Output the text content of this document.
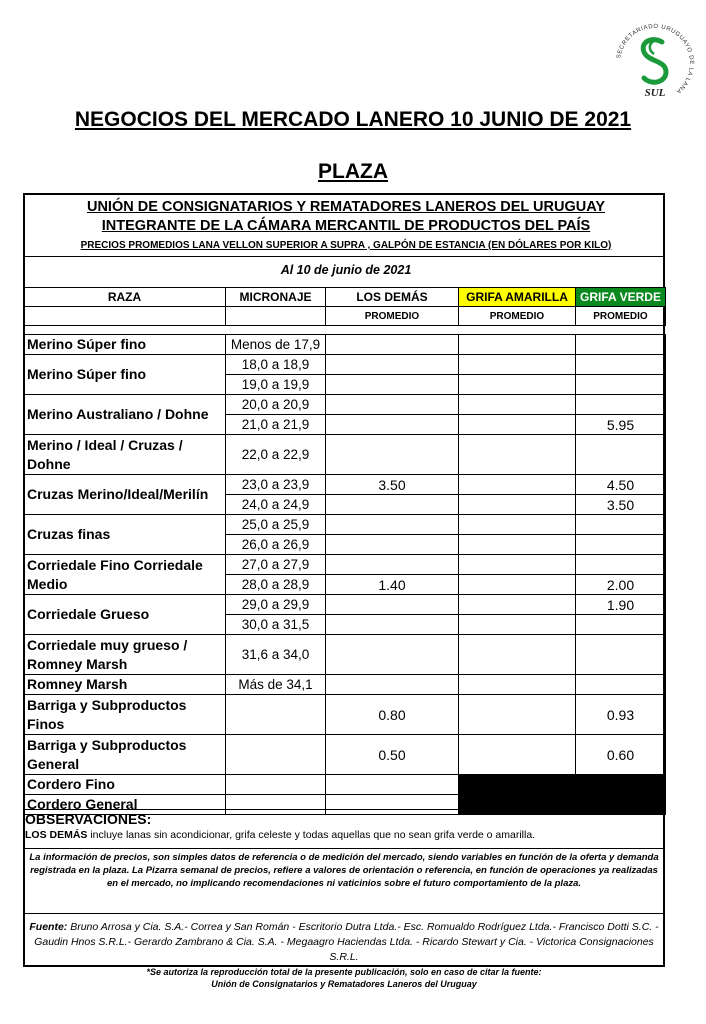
SECRETARIADO URUGUAYO DE LA LANA
SUL
NEGOCIOS DEL MERCADO LANERO 10 JUNIO DE 2021
PLAZA
UNIÓN DE CONSIGNATARIOS Y REMATADORES LANEROS DEL URUGUAY
INTEGRANTE DE LA CÁMARA MERCANTIL DE PRODUCTOS DEL PAÍS
PRECIOS PROMEDIOS LANA VELLON SUPERIOR A SUPRA , GALPÓN DE ESTANCIA (EN DÓLARES POR KILO)
Al 10 de junio de 2021
RAZA	MICRONAJE	LOS DEMÁS	GRIFA AMARILLA	GRIFA VERDE
		PROMEDIO	PROMEDIO	PROMEDIO

Merino Súper fino	Menos de 17,9			
Merino Súper fino	18,0 a 18,9			
	19,0 a 19,9			
Merino Australiano / Dohne	20,0 a 20,9			
	21,0 a 21,9			5.95
Merino / Ideal / Cruzas / Dohne	22,0 a 22,9			
Cruzas Merino/Ideal/Merilín	23,0 a 23,9	3.50		4.50
	24,0 a 24,9			3.50
Cruzas finas	25,0 a 25,9			
	26,0 a 26,9			
Corriedale Fino Corriedale Medio	27,0 a 27,9			
	28,0 a 28,9	1.40		2.00
Corriedale Grueso	29,0 a 29,9			1.90
	30,0 a 31,5			
Corriedale muy grueso / Romney Marsh	31,6 a 34,0			
Romney Marsh	Más de 34,1			
Barriga y Subproductos Finos		0.80		0.93
Barriga y Subproductos General		0.50		0.60
Cordero Fino				
Cordero General				
OBSERVACIONES:
LOS DEMÁS incluye lanas sin acondicionar, grifa celeste y todas aquellas que no sean grifa verde o amarilla.
La información de precios, son simples datos de referencia o de medición del mercado, siendo variables en función de la oferta y demanda registrada en la plaza. La Pizarra semanal de precios, refiere a valores de orientación o referencia, en función de operaciones ya realizadas en el mercado, no implicando recomendaciones ni vaticinios sobre el futuro comportamiento de la plaza.
Fuente: Bruno Arrosa y Cia. S.A.- Correa y San Román - Escritorio Dutra Ltda.- Esc. Romualdo Rodríguez Ltda.- Francisco Dotti S.C. - Gaudin Hnos S.R.L.- Gerardo Zambrano & Cia. S.A. - Megaagro Haciendas Ltda. - Ricardo Stewart y Cia. - Victorica Consignaciones S.R.L.
*Se autoriza la reproducción total de la presente publicación, solo en caso de citar la fuente:
Unión de Consignatarios y Rematadores Laneros del Uruguay
